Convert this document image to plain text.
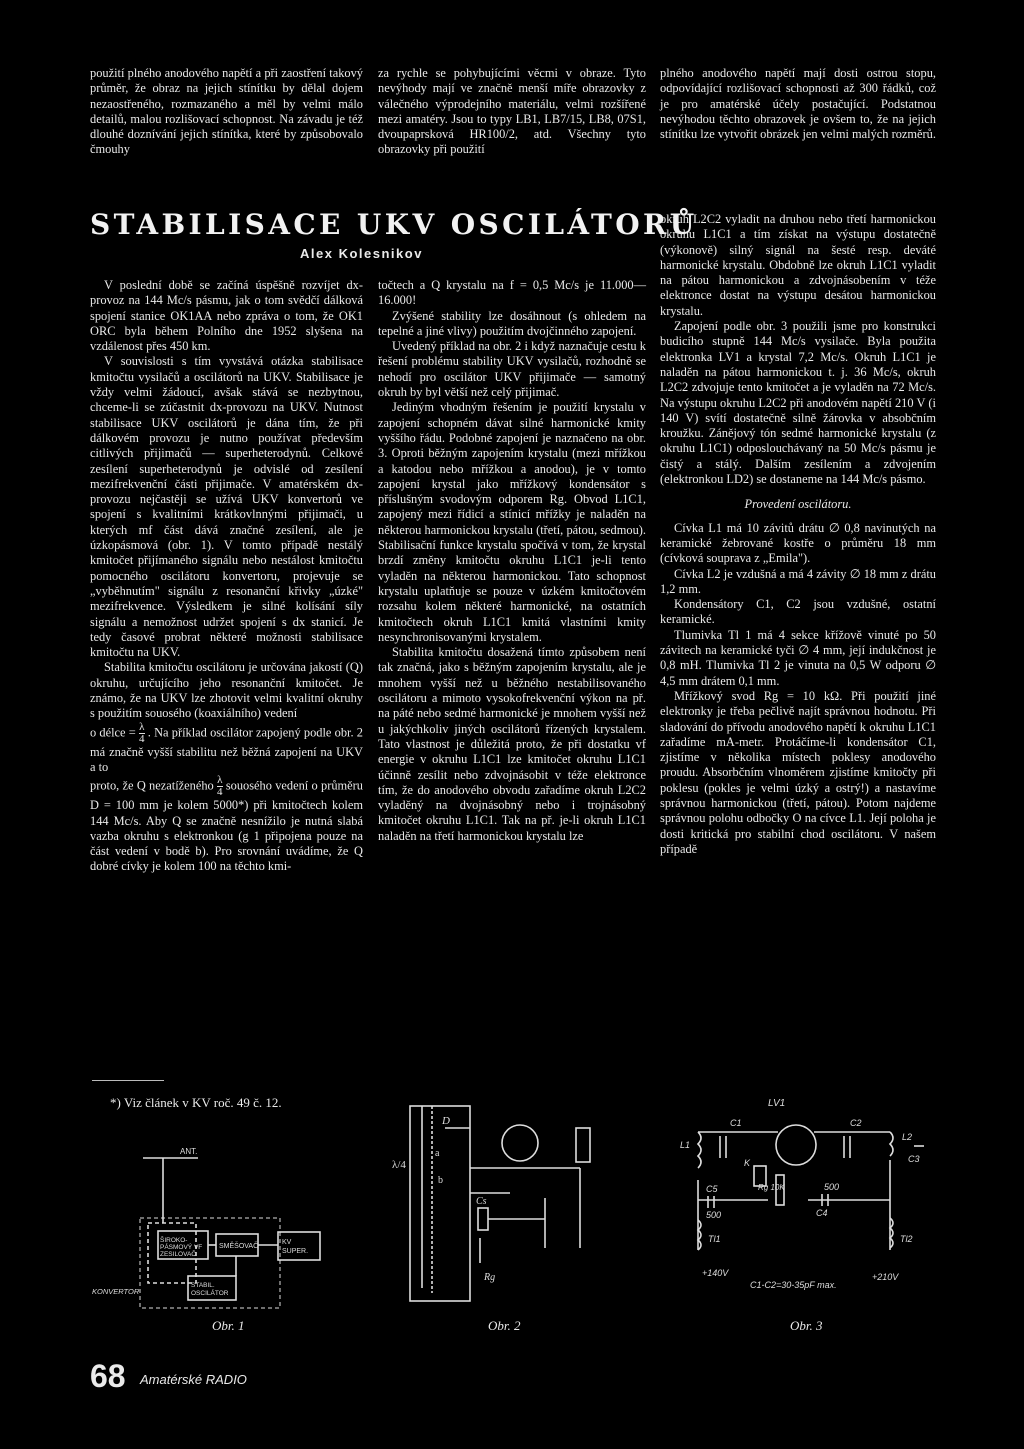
použití plného anodového napětí a při zaostření takový průměr, že obraz na jejich stínítku by dělal dojem nezaostřeného, rozmazaného a měl by velmi málo detailů, malou rozlišovací schopnost. Na závadu je též dlouhé doznívání jejich stínítka, které by způsobovalo čmouhy

za rychle se pohybujícími věcmi v obraze. Tyto nevýhody mají ve značně menší míře obrazovky z válečného výprodejního materiálu, velmi rozšířené mezi amatéry. Jsou to typy LB1, LB7/15, LB8, 07S1, dvoupaprsková HR100/2, atd. Všechny tyto obrazovky při použití

plného anodového napětí mají dosti ostrou stopu, odpovídající rozlišovací schopnosti až 300 řádků, což je pro amatérské účely postačující. Podstatnou nevýhodou těchto obrazovek je ovšem to, že na jejich stínítku lze vytvořit obrázek jen velmi malých rozměrů.

STABILISACE UKV OSCILÁTORŮ
Alex Kolesnikov

V poslední době se začíná úspěšně rozvíjet dx-provoz na 144 Mc/s pásmu, jak o tom svědčí dálková spojení stanice OK1AA nebo zpráva o tom, že OK1 ORC byla během Polního dne 1952 slyšena na vzdálenost přes 450 km.

V souvislosti s tím vyvstává otázka stabilisace kmitočtu vysilačů a oscilátorů na UKV. Stabilisace je vždy velmi žádoucí, avšak stává se nezbytnou, chceme-li se zúčastnit dx-provozu na UKV. Nutnost stabilisace UKV oscilátorů je dána tím, že při dálkovém provozu je nutno používat především citlivých přijimačů — superheterodynů. Celkové zesílení superheterodynů je odvislé od zesílení mezifrekvenční části přijimače. V amatérském dx-provozu nejčastěji se užívá UKV konvertorů ve spojení s kvalitními krátkovlnnými přijimači, u kterých mf část dává značné zesílení, ale je úzkopásmová (obr. 1). V tomto případě nestálý kmitočet přijímaného signálu nebo nestálost kmitočtu pomocného oscilátoru konvertoru, projevuje se „vyběhnutím" signálu z resonanční křivky „úzké" mezifrekvence. Výsledkem je silné kolísání síly signálu a nemožnost udržet spojení s dx stanicí. Je tedy časové probrat některé možnosti stabilisace kmitočtu na UKV.

Stabilita kmitočtu oscilátoru je určována jakostí (Q) okruhu, určujícího jeho resonanční kmitočet. Je známo, že na UKV lze zhotovit velmi kvalitní okruhy s použitím souosého (koaxiálního) vedení

o délce = $\frac{\lambda}{4}$ . Na příklad oscilátor zapojený podle obr. 2 má značně vyšší stabilitu než běžná zapojení na UKV a to

proto, že Q nezatíženého $\frac{\lambda}{4}$ souosého vedení o průměru D = 100 mm je kolem 5000*) při kmitočtech kolem 144 Mc/s. Aby Q se značně nesnížilo je nutná slabá vazba okruhu s elektronkou (g 1 připojena pouze na část vedení v bodě b). Pro srovnání uvádíme, že Q dobré cívky je kolem 100 na těchto kmi-

*) Viz článek v KV roč. 49 č. 12.

točtech a Q krystalu na f = 0,5 Mc/s je 11.000—16.000!

Zvýšené stability lze dosáhnout (s ohledem na tepelné a jiné vlivy) použitím dvojčinného zapojení.

Uvedený příklad na obr. 2 i když naznačuje cestu k řešení problému stability UKV vysilačů, rozhodně se nehodí pro oscilátor UKV přijimače — samotný okruh by byl větší než celý přijimač.

Jediným vhodným řešením je použití krystalu v zapojení schopném dávat silné harmonické kmity vyššího řádu. Podobné zapojení je naznačeno na obr. 3. Oproti běžným zapojením krystalu (mezi mřížkou a katodou nebo mřížkou a anodou), je v tomto zapojení krystal jako mřížkový kondensátor s příslušným svodovým odporem Rg. Obvod L1C1, zapojený mezi řídicí a stínicí mřížky je naladěn na některou harmonickou krystalu (třetí, pátou, sedmou). Stabilisační funkce krystalu spočívá v tom, že krystal brzdí změny kmitočtu okruhu L1C1 je-li tento vyladěn na některou harmonickou. Tato schopnost krystalu uplatňuje se pouze v úzkém kmitočtovém rozsahu kolem některé harmonické, na ostatních kmitočtech okruh L1C1 kmitá vlastními kmity nesynchronisovanými krystalem.

Stabilita kmitočtu dosažená tímto způsobem není tak značná, jako s běžným zapojením krystalu, ale je mnohem vyšší než u běžného nestabilisovaného oscilátoru a mimoto vysokofrekvenční výkon na př. na páté nebo sedmé harmonické je mnohem vyšší než u jakýchkoliv jiných oscilátorů řízených krystalem. Tato vlastnost je důležitá proto, že při dostatku vf energie v okruhu L1C1 lze kmitočet okruhu L1C1 účinně zesílit nebo zdvojnásobit v téže elektronce tím, že do anodového obvodu zařadíme okruh L2C2 vyladěný na dvojnásobný nebo i trojnásobný kmitočet okruhu L1C1. Tak na př. je-li okruh L1C1 naladěn na třetí harmonickou krystalu lze

okruh L2C2 vyladit na druhou nebo třetí harmonickou okruhu L1C1 a tím získat na výstupu dostatečně (výkonově) silný signál na šesté resp. deváté harmonické krystalu. Obdobně lze okruh L1C1 vyladit na pátou harmonickou a zdvojnásobením v téže elektronce dostat na výstupu desátou harmonickou krystalu.

Zapojení podle obr. 3 použili jsme pro konstrukci budicího stupně 144 Mc/s vysilače. Byla použita elektronka LV1 a krystal 7,2 Mc/s. Okruh L1C1 je naladěn na pátou harmonickou t. j. 36 Mc/s, okruh L2C2 zdvojuje tento kmitočet a je vyladěn na 72 Mc/s. Na výstupu okruhu L2C2 při anodovém napětí 210 V (i 140 V) svítí dostatečně silně žárovka v absobčním kroužku. Zánějový tón sedmé harmonické krystalu (z okruhu L1C1) odposlouchávaný na 50 Mc/s pásmu je čistý a stálý. Dalším zesílením a zdvojením (elektronkou LD2) se dostaneme na 144 Mc/s pásmo.

Provedení oscilátoru.

Cívka L1 má 10 závitů drátu ∅ 0,8 navinutých na keramické žebrované kostře o průměru 18 mm (cívková souprava z „Emila").

Cívka L2 je vzdušná a má 4 závity ∅ 18 mm z drátu 1,2 mm.

Kondensátory C1, C2 jsou vzdušné, ostatní keramické.

Tlumivka Tl 1 má 4 sekce křížově vinuté po 50 závitech na keramické tyči ∅ 4 mm, její indukčnost je 0,8 mH. Tlumivka Tl 2 je vinuta na 0,5 W odporu ∅ 4,5 mm drátem 0,1 mm.

Mřížkový svod Rg = 10 kΩ. Při použití jiné elektronky je třeba pečlivě najít správnou hodnotu. Při sladování do přívodu anodového napětí k okruhu L1C1 zařadíme mA-metr. Protáčíme-li kondensátor C1, zjistíme v několika místech poklesy anodového proudu. Absorbčním vlnoměrem zjistíme kmitočty při poklesu (pokles je velmi úzký a ostrý!) a nastavíme správnou harmonickou (třetí, pátou). Potom najdeme správnou polohu odbočky O na cívce L1. Její poloha je dosti kritická pro stabilní chod oscilátoru. V našem případě

ANT.
ŠIROKO-
PÁSMOVÝ VF
ZESILOVAČ
SMĚŠOVAČ
KV
SUPER.
STABIL.
OSCILÁTOR
KONVERTOR
Obr. 1
D
λ/4
a
b
Cs
Rg
Obr. 2
LV1
C1	C2
L1
L2
C3
Rg 10K	500
C4
C5
500
K
Tl1	Tl2
+140V
C1-C2=30-35pF max.
+210V
Obr. 3
68 Amatérské RADIO
